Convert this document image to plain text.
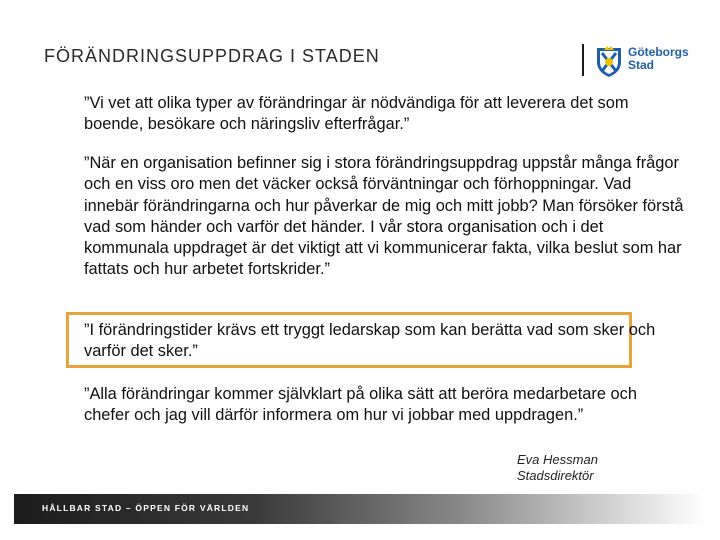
FÖRÄNDRINGSUPPDRAG I STADEN	Göteborgs
Stad
”Vi vet att olika typer av förändringar är nödvändiga för att leverera det som boende, besökare och näringsliv efterfrågar.”
”När en organisation befinner sig i stora förändringsuppdrag uppstår många frågor och en viss oro men det väcker också förväntningar och förhoppningar. Vad innebär förändringarna och hur påverkar de mig och mitt jobb? Man försöker förstå vad som händer och varför det händer. I vår stora organisation och i det kommunala uppdraget är det viktigt att vi kommunicerar fakta, vilka beslut som har fattats och hur arbetet fortskrider.”
”I förändringstider krävs ett tryggt ledarskap som kan berätta vad som sker och varför det sker.”
”Alla förändringar kommer självklart på olika sätt att beröra medarbetare och chefer och jag vill därför informera om hur vi jobbar med uppdragen.”
Eva Hessman
Stadsdirektör
HÅLLBAR STAD – ÖPPEN FÖR VÄRLDEN
